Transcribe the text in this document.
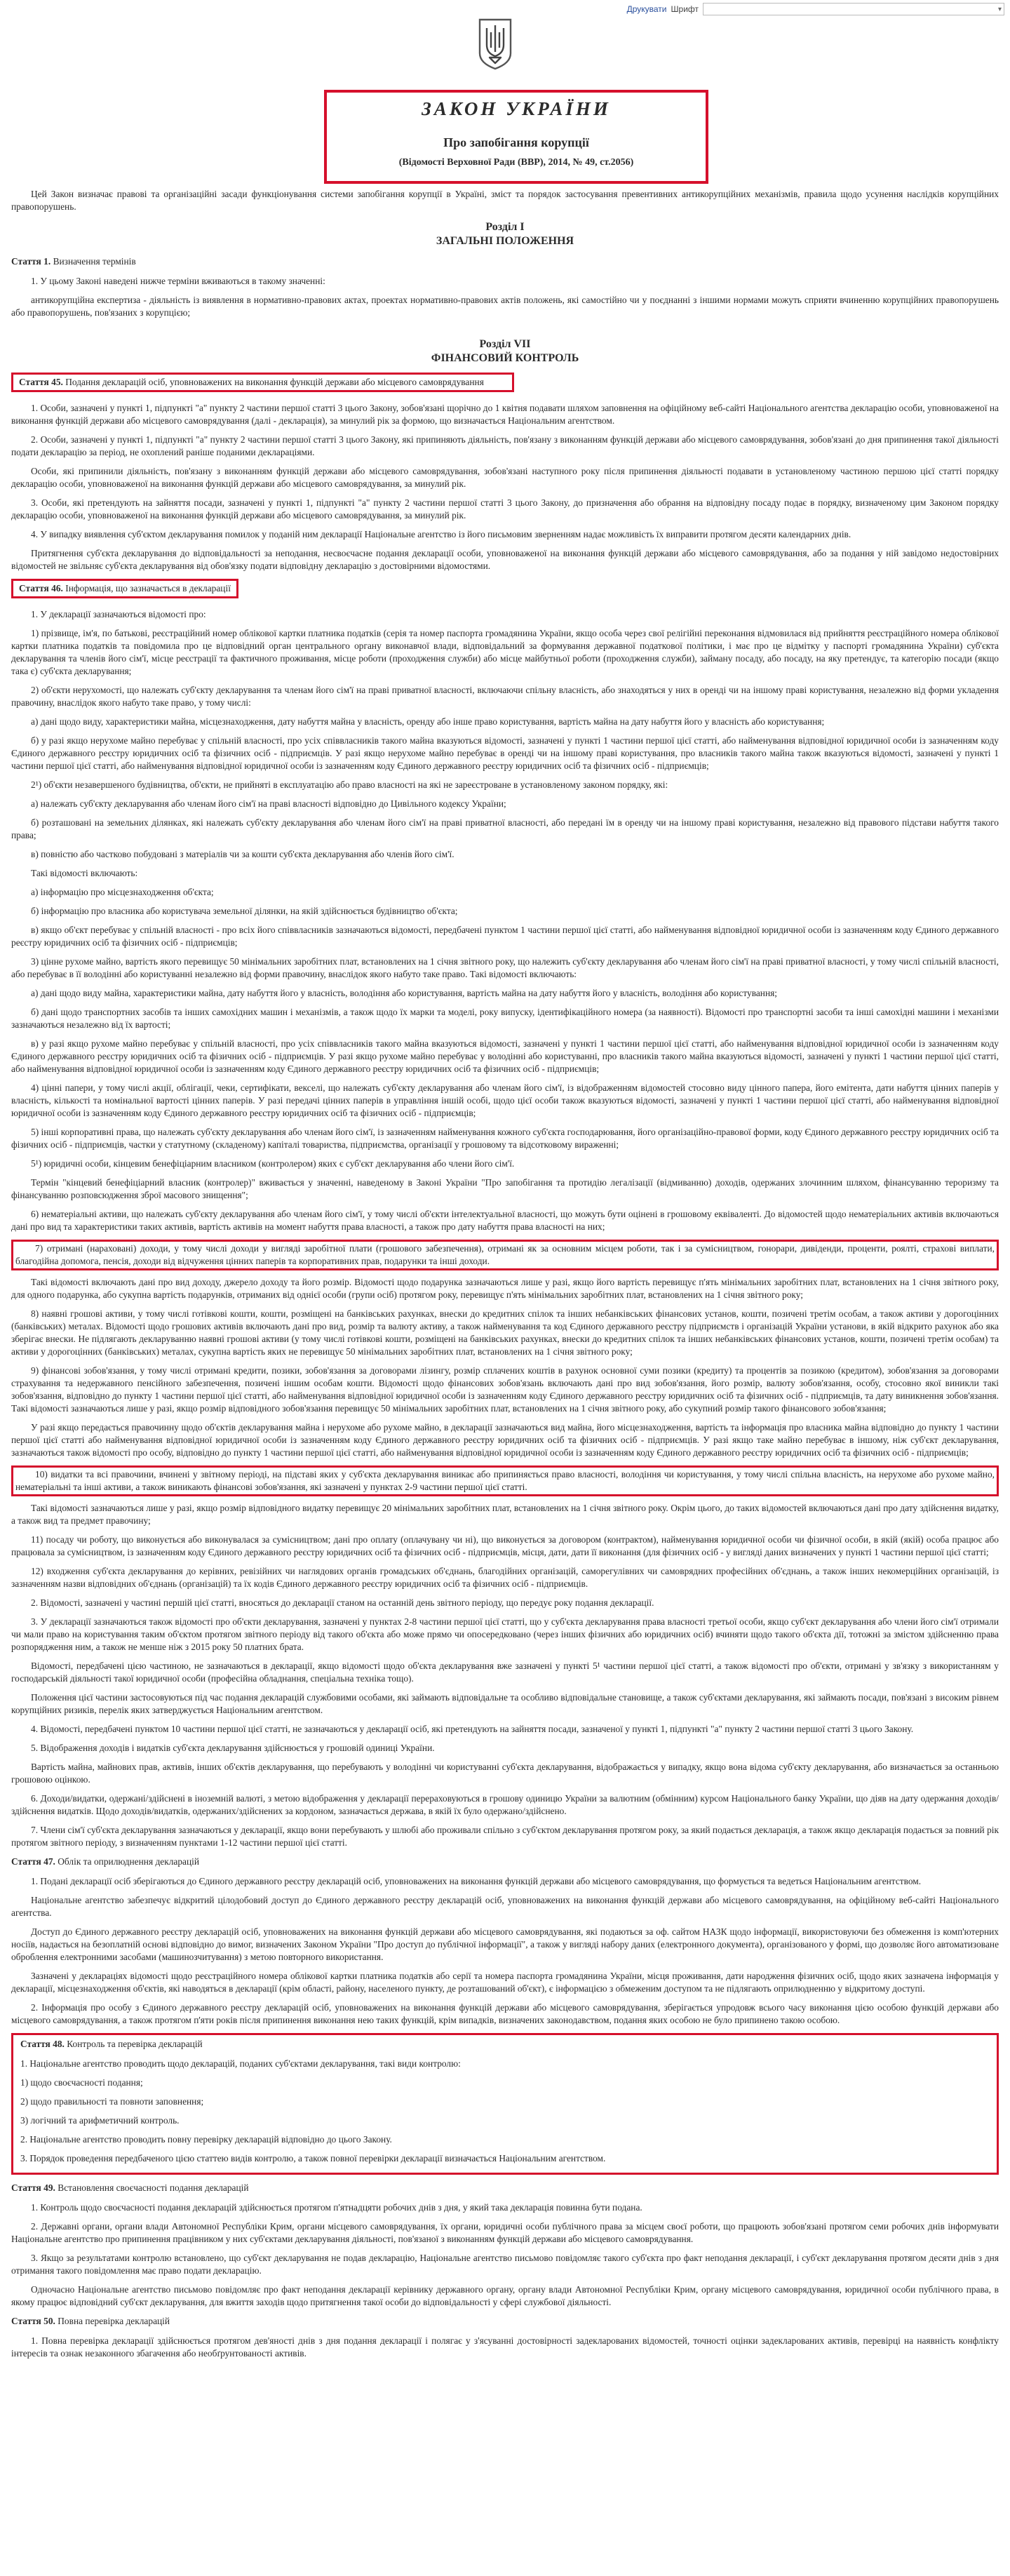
Друкувати Шрифт	▾
ЗАКОН УКРАЇНИ
Про запобігання корупції
(Відомості Верховної Ради (ВВР), 2014, № 49, ст.2056)

Цей Закон визначає правові та організаційні засади функціонування системи запобігання корупції в Україні, зміст та порядок застосування превентивних антикорупційних механізмів, правила щодо усунення наслідків корупційних правопорушень.

Розділ I
ЗАГАЛЬНІ ПОЛОЖЕННЯ
Стаття 1. Визначення термінів

1. У цьому Законі наведені нижче терміни вживаються в такому значенні:

антикорупційна експертиза - діяльність із виявлення в нормативно-правових актах, проектах нормативно-правових актів положень, які самостійно чи у поєднанні з іншими нормами можуть сприяти вчиненню корупційних правопорушень або правопорушень, пов'язаних з корупцією;

Розділ VII
ФІНАНСОВИЙ КОНТРОЛЬ
Стаття 45. Подання декларацій осіб, уповноважених на виконання функцій держави або місцевого самоврядування

1. Особи, зазначені у пункті 1, підпункті "а" пункту 2 частини першої статті 3 цього Закону, зобов'язані щорічно до 1 квітня подавати шляхом заповнення на офіційному веб-сайті Національного агентства декларацію особи, уповноваженої на виконання функцій держави або місцевого самоврядування (далі - декларація), за минулий рік за формою, що визначається Національним агентством.

2. Особи, зазначені у пункті 1, підпункті "а" пункту 2 частини першої статті 3 цього Закону, які припиняють діяльність, пов'язану з виконанням функцій держави або місцевого самоврядування, зобов'язані до дня припинення такої діяльності подати декларацію за період, не охоплений раніше поданими деклараціями.

Особи, які припинили діяльність, пов'язану з виконанням функцій держави або місцевого самоврядування, зобов'язані наступного року після припинення діяльності подавати в установленому частиною першою цієї статті порядку декларацію особи, уповноваженої на виконання функцій держави або місцевого самоврядування, за минулий рік.

3. Особи, які претендують на зайняття посади, зазначені у пункті 1, підпункті "а" пункту 2 частини першої статті 3 цього Закону, до призначення або обрання на відповідну посаду подає в порядку, визначеному цим Законом порядку декларацію особи, уповноваженої на виконання функцій держави або місцевого самоврядування, за минулий рік.

4. У випадку виявлення суб'єктом декларування помилок у поданій ним декларації Національне агентство із його письмовим зверненням надає можливість їх виправити протягом десяти календарних днів.

Притягнення суб'єкта декларування до відповідальності за неподання, несвоєчасне подання декларації особи, уповноваженої на виконання функцій держави або місцевого самоврядування, або за подання у ній завідомо недостовірних відомостей не звільняє суб'єкта декларування від обов'язку подати відповідну декларацію з достовірними відомостями.

Стаття 46. Інформація, що зазначається в декларації

1. У декларації зазначаються відомості про:

1) прізвище, ім'я, по батькові, реєстраційний номер облікової картки платника податків (серія та номер паспорта громадянина України, якщо особа через свої релігійні переконання відмовилася від прийняття реєстраційного номера облікової картки платника податків та повідомила про це відповідний орган центрального органу виконавчої влади, відповідальний за формування державної податкової політики, і має про це відмітку у паспорті громадянина України) суб'єкта декларування та членів його сім'ї, місце реєстрації та фактичного проживання, місце роботи (проходження служби) або місце майбутньої роботи (проходження служби), займану посаду, або посаду, на яку претендує, та категорію посади (якщо така є) суб'єкта декларування;

2) об'єкти нерухомості, що належать суб'єкту декларування та членам його сім'ї на праві приватної власності, включаючи спільну власність, або знаходяться у них в оренді чи на іншому праві користування, незалежно від форми укладення правочину, внаслідок якого набуто таке право, у тому числі:

а) дані щодо виду, характеристики майна, місцезнаходження, дату набуття майна у власність, оренду або інше право користування, вартість майна на дату набуття його у власність або користування;

б) у разі якщо нерухоме майно перебуває у спільній власності, про усіх співвласників такого майна вказуються відомості, зазначені у пункті 1 частини першої цієї статті, або найменування відповідної юридичної особи із зазначенням коду Єдиного державного реєстру юридичних осіб та фізичних осіб - підприємців. У разі якщо нерухоме майно перебуває в оренді чи на іншому праві користування, про власників такого майна також вказуються відомості, зазначені у пункті 1 частини першої цієї статті, або найменування відповідної юридичної особи із зазначенням коду Єдиного державного реєстру юридичних осіб та фізичних осіб - підприємців;

2¹) об'єкти незавершеного будівництва, об'єкти, не прийняті в експлуатацію або право власності на які не зареєстроване в установленому законом порядку, які:

а) належать суб'єкту декларування або членам його сім'ї на праві власності відповідно до Цивільного кодексу України;

б) розташовані на земельних ділянках, які належать суб'єкту декларування або членам його сім'ї на праві приватної власності, або передані їм в оренду чи на іншому праві користування, незалежно від правового підстави набуття такого права;

в) повністю або частково побудовані з матеріалів чи за кошти суб'єкта декларування або членів його сім'ї.

Такі відомості включають:

а) інформацію про місцезнаходження об'єкта;

б) інформацію про власника або користувача земельної ділянки, на якій здійснюється будівництво об'єкта;

в) якщо об'єкт перебуває у спільній власності - про всіх його співвласників зазначаються відомості, передбачені пунктом 1 частини першої цієї статті, або найменування відповідної юридичної особи із зазначенням коду Єдиного державного реєстру юридичних осіб та фізичних осіб - підприємців;

3) цінне рухоме майно, вартість якого перевищує 50 мінімальних заробітних плат, встановлених на 1 січня звітного року, що належить суб'єкту декларування або членам його сім'ї на праві приватної власності, у тому числі спільній власності, або перебуває в її володінні або користуванні незалежно від форми правочину, внаслідок якого набуто таке право. Такі відомості включають:

а) дані щодо виду майна, характеристики майна, дату набуття його у власність, володіння або користування, вартість майна на дату набуття його у власність, володіння або користування;

б) дані щодо транспортних засобів та інших самохідних машин і механізмів, а також щодо їх марки та моделі, року випуску, ідентифікаційного номера (за наявності). Відомості про транспортні засоби та інші самохідні машини і механізми зазначаються незалежно від їх вартості;

в) у разі якщо рухоме майно перебуває у спільній власності, про усіх співвласників такого майна вказуються відомості, зазначені у пункті 1 частини першої цієї статті, або найменування відповідної юридичної особи із зазначенням коду Єдиного державного реєстру юридичних осіб та фізичних осіб - підприємців. У разі якщо рухоме майно перебуває у володінні або користуванні, про власників такого майна вказуються відомості, зазначені у пункті 1 частини першої цієї статті, або найменування відповідної юридичної особи із зазначенням коду Єдиного державного реєстру юридичних осіб та фізичних осіб - підприємців;

4) цінні папери, у тому числі акції, облігації, чеки, сертифікати, векселі, що належать суб'єкту декларування або членам його сім'ї, із відображенням відомостей стосовно виду цінного папера, його емітента, дати набуття цінних паперів у власність, кількості та номінальної вартості цінних паперів. У разі передачі цінних паперів в управління іншій особі, щодо цієї особи також вказуються відомості, зазначені у пункті 1 частини першої цієї статті, або найменування відповідної юридичної особи із зазначенням коду Єдиного державного реєстру юридичних осіб та фізичних осіб - підприємців;

5) інші корпоративні права, що належать суб'єкту декларування або членам його сім'ї, із зазначенням найменування кожного суб'єкта господарювання, його організаційно-правової форми, коду Єдиного державного реєстру юридичних осіб та фізичних осіб - підприємців, частки у статутному (складеному) капіталі товариства, підприємства, організації у грошовому та відсотковому вираженні;

5¹) юридичні особи, кінцевим бенефіціарним власником (контролером) яких є суб'єкт декларування або члени його сім'ї.

Термін "кінцевий бенефіціарний власник (контролер)" вживається у значенні, наведеному в Законі України "Про запобігання та протидію легалізації (відмиванню) доходів, одержаних злочинним шляхом, фінансуванню тероризму та фінансуванню розповсюдження зброї масового знищення";

6) нематеріальні активи, що належать суб'єкту декларування або членам його сім'ї, у тому числі об'єкти інтелектуальної власності, що можуть бути оцінені в грошовому еквіваленті. До відомостей щодо нематеріальних активів включаються дані про вид та характеристики таких активів, вартість активів на момент набуття права власності, а також про дату набуття права власності на них;

7) отримані (нараховані) доходи, у тому числі доходи у вигляді заробітної плати (грошового забезпечення), отримані як за основним місцем роботи, так і за сумісництвом, гонорари, дивіденди, проценти, роялті, страхові виплати, благодійна допомога, пенсія, доходи від відчуження цінних паперів та корпоративних прав, подарунки та інші доходи.

Такі відомості включають дані про вид доходу, джерело доходу та його розмір. Відомості щодо подарунка зазначаються лише у разі, якщо його вартість перевищує п'ять мінімальних заробітних плат, встановлених на 1 січня звітного року, для одного подарунка, або сукупна вартість подарунків, отриманих від однієї особи (групи осіб) протягом року, перевищує п'ять мінімальних заробітних плат, встановлених на 1 січня звітного року;

8) наявні грошові активи, у тому числі готівкові кошти, кошти, розміщені на банківських рахунках, внески до кредитних спілок та інших небанківських фінансових установ, кошти, позичені третім особам, а також активи у дорогоцінних (банківських) металах. Відомості щодо грошових активів включають дані про вид, розмір та валюту активу, а також найменування та код Єдиного державного реєстру підприємств і організацій України установи, в якій відкрито рахунок або яка зберігає внески. Не підлягають декларуванню наявні грошові активи (у тому числі готівкові кошти, розміщені на банківських рахунках, внески до кредитних спілок та інших небанківських фінансових установ, кошти, позичені третім особам) та активи у дорогоцінних (банківських) металах, сукупна вартість яких не перевищує 50 мінімальних заробітних плат, встановлених на 1 січня звітного року;

9) фінансові зобов'язання, у тому числі отримані кредити, позики, зобов'язання за договорами лізингу, розмір сплачених коштів в рахунок основної суми позики (кредиту) та процентів за позикою (кредитом), зобов'язання за договорами страхування та недержавного пенсійного забезпечення, позичені іншим особам кошти. Відомості щодо фінансових зобов'язань включають дані про вид зобов'язання, його розмір, валюту зобов'язання, особу, стосовно якої виникли такі зобов'язання, відповідно до пункту 1 частини першої цієї статті, або найменування відповідної юридичної особи із зазначенням коду Єдиного державного реєстру юридичних осіб та фізичних осіб - підприємців, та дату виникнення зобов'язання. Такі відомості зазначаються лише у разі, якщо розмір відповідного зобов'язання перевищує 50 мінімальних заробітних плат, встановлених на 1 січня звітного року, або сукупний розмір такого фінансового зобов'язання;

У разі якщо передається правочинну щодо об'єктів декларування майна і нерухоме або рухоме майно, в декларації зазначаються вид майна, його місцезнаходження, вартість та інформація про власника майна відповідно до пункту 1 частини першої цієї статті або найменування відповідної юридичної особи із зазначенням коду Єдиного державного реєстру юридичних осіб та фізичних осіб - підприємців. У разі якщо таке майно перебуває в іншому, ніж суб'єкт декларування, зазначаються також відомості про особу, відповідно до пункту 1 частини першої цієї статті, або найменування відповідної юридичної особи із зазначенням коду Єдиного державного реєстру юридичних осіб та фізичних осіб - підприємців;

10) видатки та всі правочини, вчинені у звітному періоді, на підставі яких у суб'єкта декларування виникає або припиняється право власності, володіння чи користування, у тому числі спільна власність, на нерухоме або рухоме майно, нематеріальні та інші активи, а також виникають фінансові зобов'язання, які зазначені у пунктах 2-9 частини першої цієї статті.

Такі відомості зазначаються лише у разі, якщо розмір відповідного видатку перевищує 20 мінімальних заробітних плат, встановлених на 1 січня звітного року. Окрім цього, до таких відомостей включаються дані про дату здійснення видатку, а також вид та предмет правочину;

11) посаду чи роботу, що виконується або виконувалася за сумісництвом; дані про оплату (оплачувану чи ні), що виконується за договором (контрактом), найменування юридичної особи чи фізичної особи, в якій (якій) особа працює або працювала за сумісництвом, із зазначенням коду Єдиного державного реєстру юридичних осіб та фізичних осіб - підприємців, місця, дати, дати її виконання (для фізичних осіб - у вигляді даних визначених у пункті 1 частини першої цієї статті;

12) входження суб'єкта декларування до керівних, ревізійних чи наглядових органів громадських об'єднань, благодійних організацій, саморегулівних чи самоврядних професійних об'єднань, а також інших некомерційних організацій, із зазначенням назви відповідних об'єднань (організацій) та їх кодів Єдиного державного реєстру юридичних осіб та фізичних осіб - підприємців.

2. Відомості, зазначені у частині першій цієї статті, вносяться до декларації станом на останній день звітного періоду, що передує року подання декларації.

3. У декларації зазначаються також відомості про об'єкти декларування, зазначені у пунктах 2-8 частини першої цієї статті, що у суб'єкта декларування права власності третьої особи, якщо суб'єкт декларування або члени його сім'ї отримали чи мали право на користування таким об'єктом протягом звітного періоду від такого об'єкта або може прямо чи опосередковано (через інших фізичних або юридичних осіб) вчиняти щодо такого об'єкта дії, тотожні за змістом здійсненню права розпорядження ним, а також не менше ніж з 2015 року 50 платних брата.

Відомості, передбачені цією частиною, не зазначаються в декларації, якщо відомості щодо об'єкта декларування вже зазначені у пункті 5¹ частини першої цієї статті, а також відомості про об'єкти, отримані у зв'язку з використанням у господарській діяльності такої юридичної особи (професійна обладнання, спеціальна техніка тощо).

Положення цієї частини застосовуються під час подання декларацій службовими особами, які займають відповідальне та особливо відповідальне становище, а також суб'єктами декларування, які займають посади, пов'язані з високим рівнем корупційних ризиків, перелік яких затверджується Національним агентством.

4. Відомості, передбачені пунктом 10 частини першої цієї статті, не зазначаються у декларації осіб, які претендують на зайняття посади, зазначеної у пункті 1, підпункті "а" пункту 2 частини першої статті 3 цього Закону.

5. Відображення доходів і видатків суб'єкта декларування здійснюється у грошовій одиниці України.

Вартість майна, майнових прав, активів, інших об'єктів декларування, що перебувають у володінні чи користуванні суб'єкта декларування, відображається у випадку, якщо вона відома суб'єкту декларування, або визначається за останньою грошовою оцінкою.

6. Доходи/видатки, одержані/здійснені в іноземній валюті, з метою відображення у декларації перераховуються в грошову одиницю України за валютним (обмінним) курсом Національного банку України, що діяв на дату одержання доходів/здійснення видатків. Щодо доходів/видатків, одержаних/здійснених за кордоном, зазначається держава, в якій їх було одержано/здійснено.

7. Члени сім'ї суб'єкта декларування зазначаються у декларації, якщо вони перебувають у шлюбі або проживали спільно з суб'єктом декларування протягом року, за який подається декларація, а також якщо декларація подається за повний рік протягом звітного періоду, з визначенням пунктами 1-12 частини першої цієї статті.

Стаття 47. Облік та оприлюднення декларацій

1. Подані декларації осіб зберігаються до Єдиного державного реєстру декларацій осіб, уповноважених на виконання функцій держави або місцевого самоврядування, що формується та ведеться Національним агентством.

Національне агентство забезпечує відкритий цілодобовий доступ до Єдиного державного реєстру декларацій осіб, уповноважених на виконання функцій держави або місцевого самоврядування, на офіційному веб-сайті Національного агентства.

Доступ до Єдиного державного реєстру декларацій осіб, уповноважених на виконання функцій держави або місцевого самоврядування, які подаються за оф. сайтом НАЗК щодо інформації, використовуючи без обмеження із комп'ютерних носіїв, надається на безоплатній основі відповідно до вимог, визначених Законом України "Про доступ до публічної інформації", а також у вигляді набору даних (електронного документа), організованого у формі, що дозволяє його автоматизоване оброблення електронними засобами (машинозчитування) з метою повторного використання.

Зазначені у деклараціях відомості щодо реєстраційного номера облікової картки платника податків або серії та номера паспорта громадянина України, місця проживання, дати народження фізичних осіб, щодо яких зазначена інформація у декларації, місцезнаходження об'єктів, які наводяться в декларації (крім області, району, населеного пункту, де розташований об'єкт), є інформацією з обмеженим доступом та не підлягають оприлюдненню у відкритому доступі.

2. Інформація про особу з Єдиного державного реєстру декларацій осіб, уповноважених на виконання функцій держави або місцевого самоврядування, зберігається упродовж всього часу виконання цією особою функцій держави або місцевого самоврядування, а також протягом п'яти років після припинення виконання нею таких функцій, крім випадків, визначених законодавством, подання яких особою не було припинено такою особою.

Стаття 48. Контроль та перевірка декларацій

1. Національне агентство проводить щодо декларацій, поданих суб'єктами декларування, такі види контролю:

1) щодо своєчасності подання;

2) щодо правильності та повноти заповнення;

3) логічний та арифметичний контроль.

2. Національне агентство проводить повну перевірку декларацій відповідно до цього Закону.

3. Порядок проведення передбаченого цією статтею видів контролю, а також повної перевірки декларації визначається Національним агентством.

Стаття 49. Встановлення своєчасності подання декларацій

1. Контроль щодо своєчасності подання декларацій здійснюється протягом п'ятнадцяти робочих днів з дня, у який така декларація повинна бути подана.

2. Державні органи, органи влади Автономної Республіки Крим, органи місцевого самоврядування, їх органи, юридичні особи публічного права за місцем своєї роботи, що працюють зобов'язані протягом семи робочих днів інформувати Національне агентство про припинення працівником у них суб'єктами декларування діяльності, пов'язаної з виконанням функцій держави або місцевого самоврядування.

3. Якщо за результатами контролю встановлено, що суб'єкт декларування не подав декларацію, Національне агентство письмово повідомляє такого суб'єкта про факт неподання декларації, і суб'єкт декларування протягом десяти днів з дня отримання такого повідомлення має право подати декларацію.

Одночасно Національне агентство письмово повідомляє про факт неподання декларації керівнику державного органу, органу влади Автономної Республіки Крим, органу місцевого самоврядування, юридичної особи публічного права, в якому працює відповідний суб'єкт декларування, для вжиття заходів щодо притягнення такої особи до відповідальності у сфері службової діяльності.

Стаття 50. Повна перевірка декларацій

1. Повна перевірка декларації здійснюється протягом дев'яності днів з дня подання декларації і полягає у з'ясуванні достовірності задекларованих відомостей, точності оцінки задекларованих активів, перевірці на наявність конфлікту інтересів та ознак незаконного збагачення або необґрунтованості активів.
